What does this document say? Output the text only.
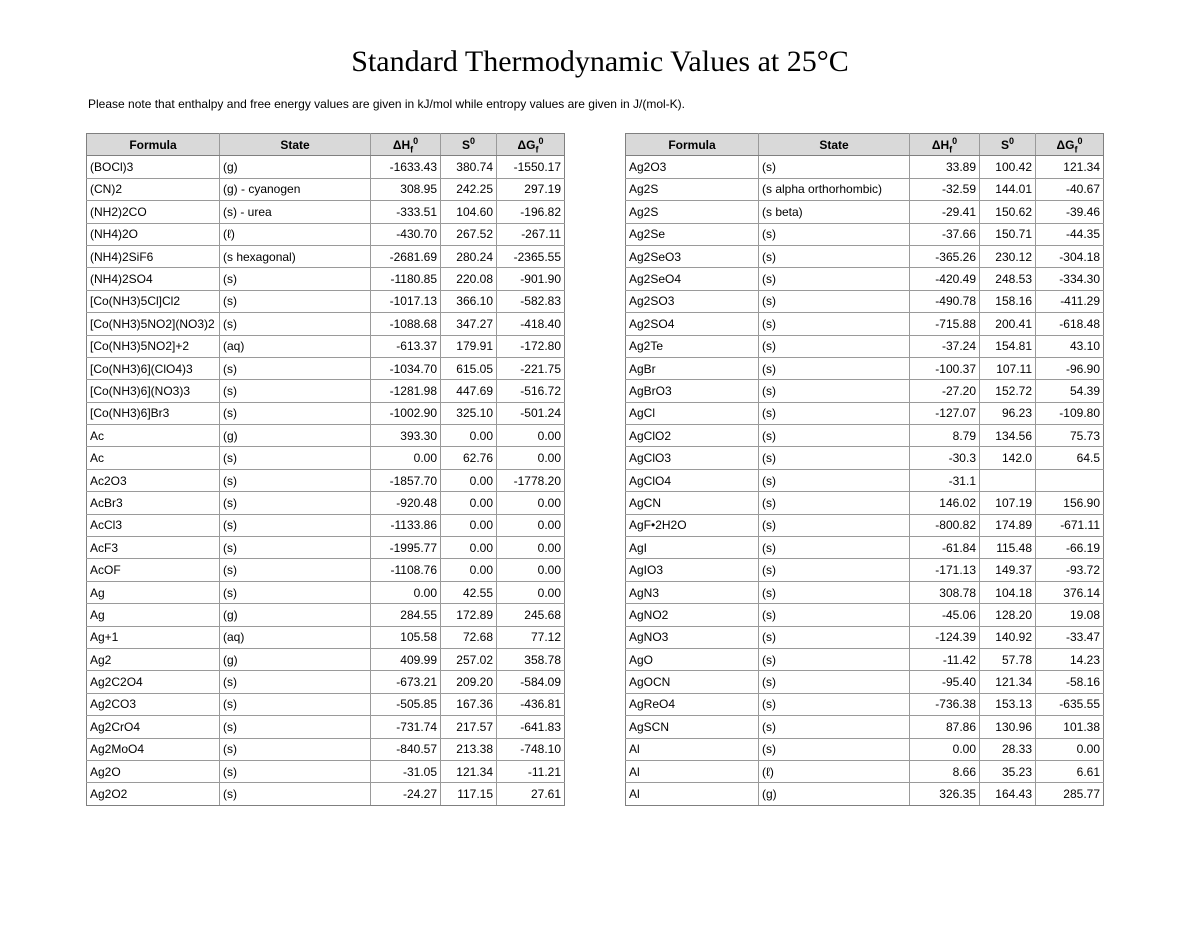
Standard Thermodynamic Values at 25°C
Please note that enthalpy and free energy values are given in kJ/mol while entropy values are given in J/(mol-K).
Formula	State	$\Delta H_f^0$	$S^0$	$\Delta G_f^0$
(BOCl)3	(g)	-1633.43	380.74	-1550.17
(CN)2	(g) - cyanogen	308.95	242.25	297.19
(NH2)2CO	(s) - urea	-333.51	104.60	-196.82
(NH4)2O	(ℓ)	-430.70	267.52	-267.11
(NH4)2SiF6	(s hexagonal)	-2681.69	280.24	-2365.55
(NH4)2SO4	(s)	-1180.85	220.08	-901.90
[Co(NH3)5Cl]Cl2	(s)	-1017.13	366.10	-582.83
[Co(NH3)5NO2](NO3)2	(s)	-1088.68	347.27	-418.40
[Co(NH3)5NO2]+2	(aq)	-613.37	179.91	-172.80
[Co(NH3)6](ClO4)3	(s)	-1034.70	615.05	-221.75
[Co(NH3)6](NO3)3	(s)	-1281.98	447.69	-516.72
[Co(NH3)6]Br3	(s)	-1002.90	325.10	-501.24
Ac	(g)	393.30	0.00	0.00
Ac	(s)	0.00	62.76	0.00
Ac2O3	(s)	-1857.70	0.00	-1778.20
AcBr3	(s)	-920.48	0.00	0.00
AcCl3	(s)	-1133.86	0.00	0.00
AcF3	(s)	-1995.77	0.00	0.00
AcOF	(s)	-1108.76	0.00	0.00
Ag	(s)	0.00	42.55	0.00
Ag	(g)	284.55	172.89	245.68
Ag+1	(aq)	105.58	72.68	77.12
Ag2	(g)	409.99	257.02	358.78
Ag2C2O4	(s)	-673.21	209.20	-584.09
Ag2CO3	(s)	-505.85	167.36	-436.81
Ag2CrO4	(s)	-731.74	217.57	-641.83
Ag2MoO4	(s)	-840.57	213.38	-748.10
Ag2O	(s)	-31.05	121.34	-11.21
Ag2O2	(s)	-24.27	117.15	27.61
Formula	State	$\Delta H_f^0$	$S^0$	$\Delta G_f^0$
Ag2O3	(s)	33.89	100.42	121.34
Ag2S	(s alpha orthorhombic)	-32.59	144.01	-40.67
Ag2S	(s beta)	-29.41	150.62	-39.46
Ag2Se	(s)	-37.66	150.71	-44.35
Ag2SeO3	(s)	-365.26	230.12	-304.18
Ag2SeO4	(s)	-420.49	248.53	-334.30
Ag2SO3	(s)	-490.78	158.16	-411.29
Ag2SO4	(s)	-715.88	200.41	-618.48
Ag2Te	(s)	-37.24	154.81	43.10
AgBr	(s)	-100.37	107.11	-96.90
AgBrO3	(s)	-27.20	152.72	54.39
AgCl	(s)	-127.07	96.23	-109.80
AgClO2	(s)	8.79	134.56	75.73
AgClO3	(s)	-30.3	142.0	64.5
AgClO4	(s)	-31.1		
AgCN	(s)	146.02	107.19	156.90
AgF•2H2O	(s)	-800.82	174.89	-671.11
AgI	(s)	-61.84	115.48	-66.19
AgIO3	(s)	-171.13	149.37	-93.72
AgN3	(s)	308.78	104.18	376.14
AgNO2	(s)	-45.06	128.20	19.08
AgNO3	(s)	-124.39	140.92	-33.47
AgO	(s)	-11.42	57.78	14.23
AgOCN	(s)	-95.40	121.34	-58.16
AgReO4	(s)	-736.38	153.13	-635.55
AgSCN	(s)	87.86	130.96	101.38
Al	(s)	0.00	28.33	0.00
Al	(ℓ)	8.66	35.23	6.61
Al	(g)	326.35	164.43	285.77
